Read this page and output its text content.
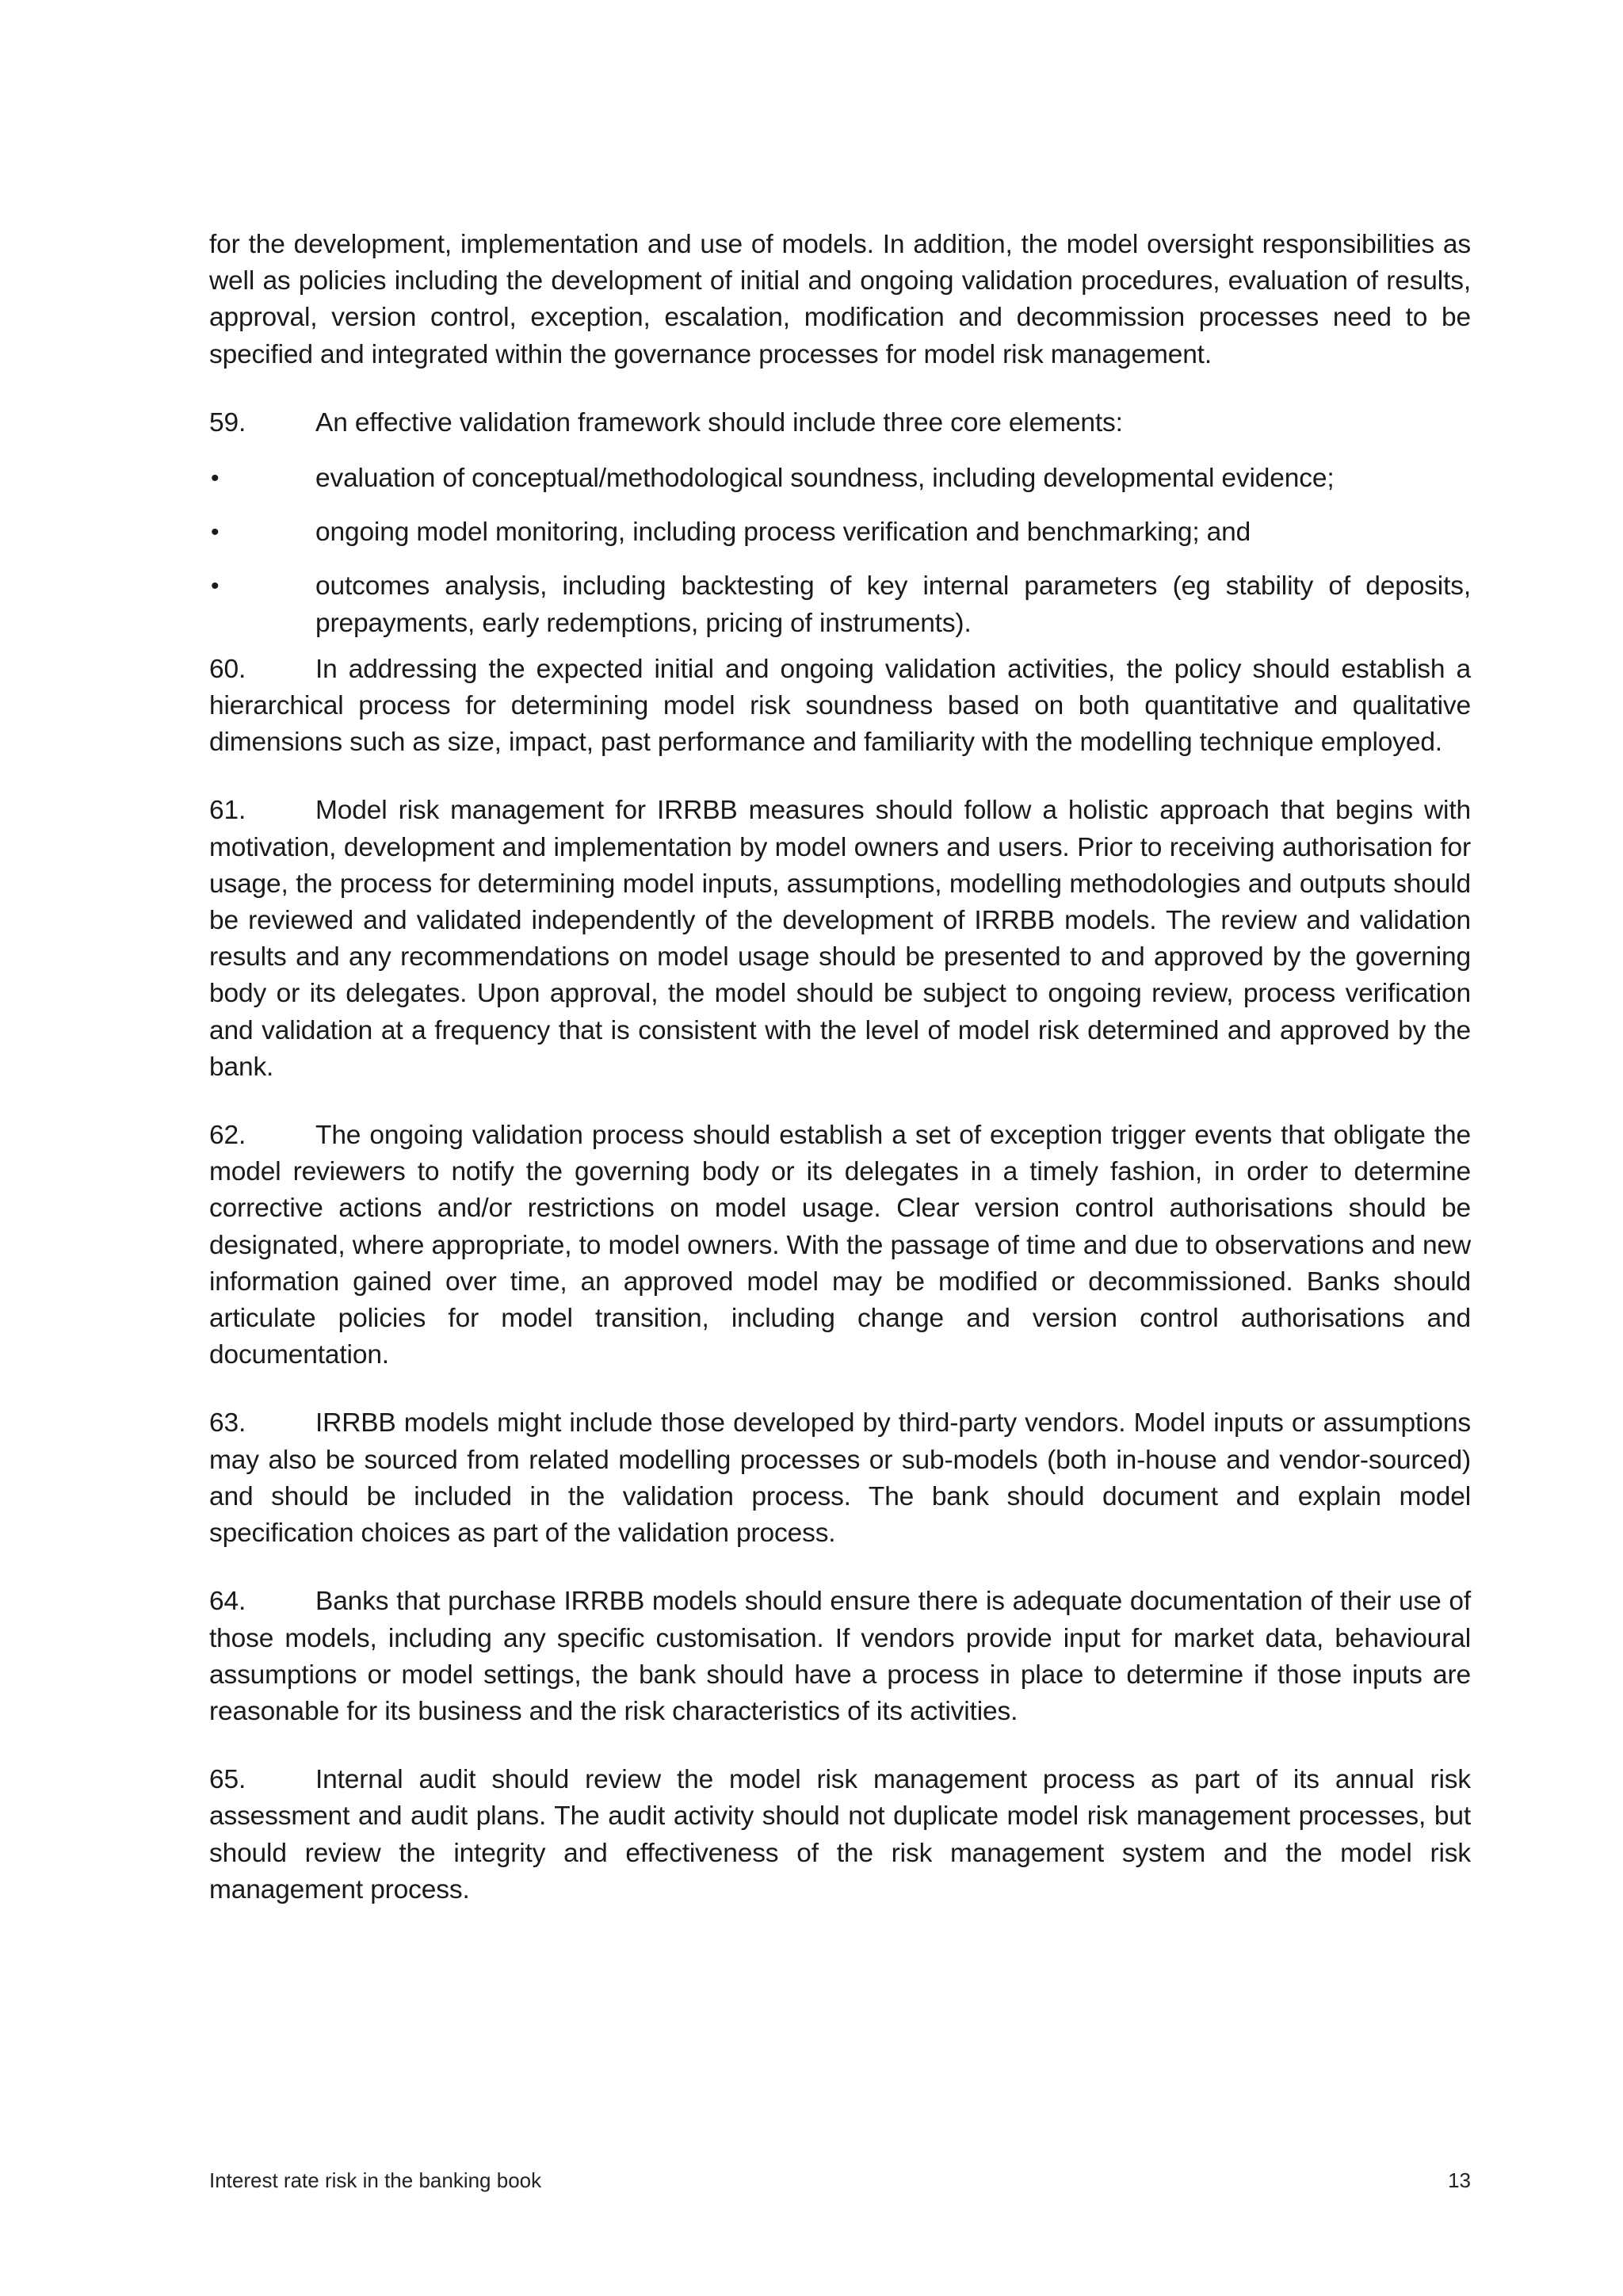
for the development, implementation and use of models. In addition, the model oversight responsibilities as well as policies including the development of initial and ongoing validation procedures, evaluation of results, approval, version control, exception, escalation, modification and decommission processes need to be specified and integrated within the governance processes for model risk management.

59.	An effective validation framework should include three core elements:

•	evaluation of conceptual/methodological soundness, including developmental evidence;
•	ongoing model monitoring, including process verification and benchmarking; and
•	outcomes analysis, including backtesting of key internal parameters (eg stability of deposits, prepayments, early redemptions, pricing of instruments).

60.	In addressing the expected initial and ongoing validation activities, the policy should establish a hierarchical process for determining model risk soundness based on both quantitative and qualitative dimensions such as size, impact, past performance and familiarity with the modelling technique employed.

61.	Model risk management for IRRBB measures should follow a holistic approach that begins with motivation, development and implementation by model owners and users. Prior to receiving authorisation for usage, the process for determining model inputs, assumptions, modelling methodologies and outputs should be reviewed and validated independently of the development of IRRBB models. The review and validation results and any recommendations on model usage should be presented to and approved by the governing body or its delegates. Upon approval, the model should be subject to ongoing review, process verification and validation at a frequency that is consistent with the level of model risk determined and approved by the bank.

62.	The ongoing validation process should establish a set of exception trigger events that obligate the model reviewers to notify the governing body or its delegates in a timely fashion, in order to determine corrective actions and/or restrictions on model usage. Clear version control authorisations should be designated, where appropriate, to model owners. With the passage of time and due to observations and new information gained over time, an approved model may be modified or decommissioned. Banks should articulate policies for model transition, including change and version control authorisations and documentation.

63.	IRRBB models might include those developed by third-party vendors. Model inputs or assumptions may also be sourced from related modelling processes or sub-models (both in-house and vendor-sourced) and should be included in the validation process. The bank should document and explain model specification choices as part of the validation process.

64.	Banks that purchase IRRBB models should ensure there is adequate documentation of their use of those models, including any specific customisation. If vendors provide input for market data, behavioural assumptions or model settings, the bank should have a process in place to determine if those inputs are reasonable for its business and the risk characteristics of its activities.

65.	Internal audit should review the model risk management process as part of its annual risk assessment and audit plans. The audit activity should not duplicate model risk management processes, but should review the integrity and effectiveness of the risk management system and the model risk management process.

Interest rate risk in the banking book	13
